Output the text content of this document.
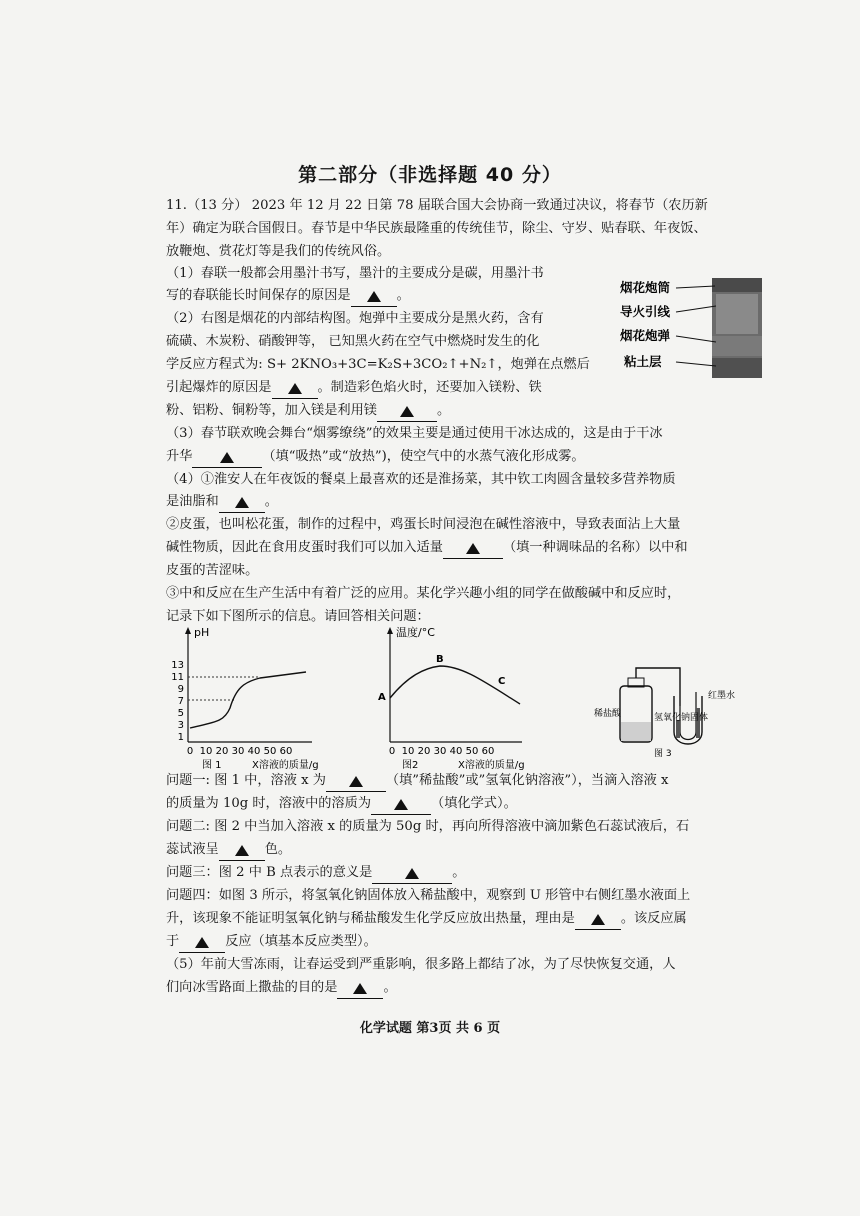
第二部分（非选择题 40 分）
11.（13 分） 2023 年 12 月 22 日第 78 届联合国大会协商一致通过决议，将春节（农历新
年）确定为联合国假日。春节是中华民族最隆重的传统佳节，除尘、守岁、贴春联、年夜饭、
放鞭炮、赏花灯等是我们的传统风俗。
（1）春联一般都会用墨汁书写，墨汁的主要成分是碳，用墨汁书
写的春联能长时间保存的原因是	。
（2）右图是烟花的内部结构图。炮弹中主要成分是黑火药，含有
硫磺、木炭粉、硝酸钾等， 已知黑火药在空气中燃烧时发生的化
学反应方程式为: S+ 2KNO₃+3C=K₂S+3CO₂↑+N₂↑，炮弹在点燃后
引起爆炸的原因是	。制造彩色焰火时，还要加入镁粉、铁
粉、铝粉、铜粉等，加入镁是利用镁	。
烟花炮筒
导火引线
烟花炮弹
粘土层
（3）春节联欢晚会舞台“烟雾缭绕”的效果主要是通过使用干冰达成的，这是由于干冰
升华	（填“吸热”或“放热”)，使空气中的水蒸气液化形成雾。
（4）①淮安人在年夜饭的餐桌上最喜欢的还是淮扬菜，其中钦工肉圆含量较多营养物质
是油脂和	。
②皮蛋，也叫松花蛋，制作的过程中，鸡蛋长时间浸泡在碱性溶液中，导致表面沾上大量
碱性物质，因此在食用皮蛋时我们可以加入适量	（填一种调味品的名称）以中和
皮蛋的苦涩味。
③中和反应在生产生活中有着广泛的应用。某化学兴趣小组的同学在做酸碱中和反应时，
记录下如下图所示的信息。请回答相关问题：
pH
13
11
9
7
5
3
1
0 10 20 30 40 50 60
图 1	X溶液的质量/g
温度/°C
0 10 20 30 40 50 60
A
B
C
图2	X溶液的质量/g
稀盐酸	氢氧化钠固体
红墨水
图 3
问题一: 图 1 中，溶液 x 为	（填”稀盐酸”或”氢氧化钠溶液”），当滴入溶液 x
的质量为 10g 时，溶液中的溶质为	（填化学式）。
问题二: 图 2 中当加入溶液 x 的质量为 50g 时，再向所得溶液中滴加紫色石蕊试液后，石
蕊试液呈	色。
问题三：图 2 中 B 点表示的意义是	。
问题四：如图 3 所示，将氢氧化钠固体放入稀盐酸中，观察到 U 形管中右侧红墨水液面上
升，该现象不能证明氢氧化钠与稀盐酸发生化学反应放出热量，理由是	。该反应属
于	反应（填基本反应类型）。
（5）年前大雪冻雨，让春运受到严重影响，很多路上都结了冰，为了尽快恢复交通，人
们向冰雪路面上撒盐的目的是	。
化学试题 第3页 共 6 页
